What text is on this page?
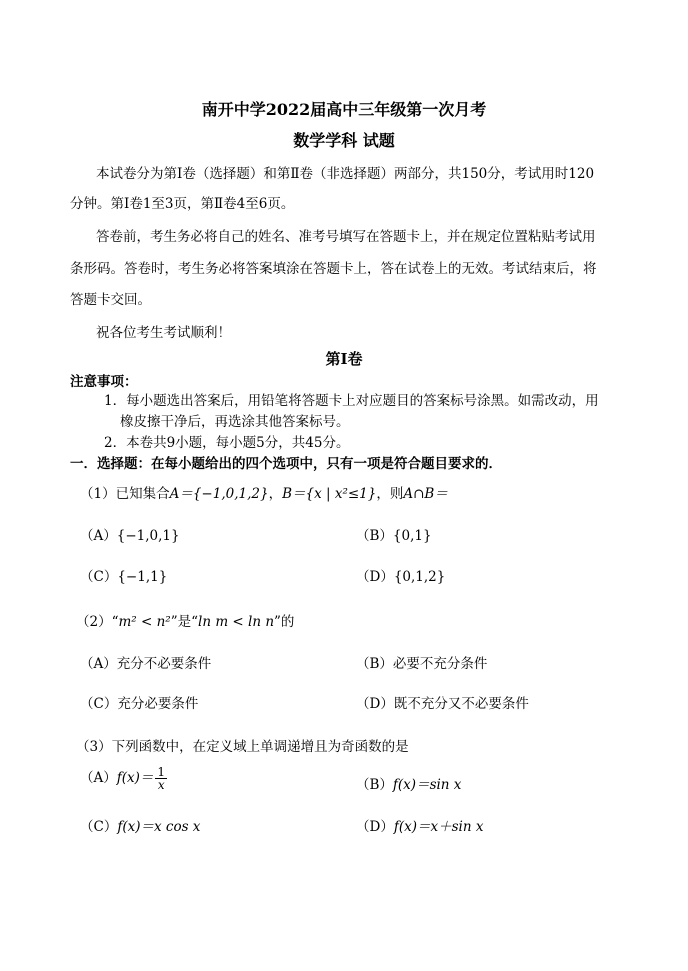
南开中学2022届高中三年级第一次月考
数学学科 试题
本试卷分为第Ⅰ卷（选择题）和第Ⅱ卷（非选择题）两部分，共150分，考试用时120
分钟。第Ⅰ卷1至3页，第Ⅱ卷4至6页。
答卷前，考生务必将自己的姓名、准考号填写在答题卡上，并在规定位置粘贴考试用
条形码。答卷时，考生务必将答案填涂在答题卡上，答在试卷上的无效。考试结束后，将
答题卡交回。
祝各位考生考试顺利！
第Ⅰ卷
注意事项：
1．每小题选出答案后，用铅笔将答题卡上对应题目的答案标号涂黑。如需改动，用
橡皮擦干净后，再选涂其他答案标号。
2．本卷共9小题，每小题5分，共45分。
一．选择题：在每小题给出的四个选项中，只有一项是符合题目要求的．
（1）已知集合A＝{−1,0,1,2}，B＝{x | x²≤1}，则A∩B＝
（A）{−1,0,1}	（B）{0,1}
（C）{−1,1}	（D）{0,1,2}
（2）“m² < n²”是“ln m < ln n”的
（A）充分不必要条件	（B）必要不充分条件
（C）充分必要条件	（D）既不充分又不必要条件
（3）下列函数中，在定义域上单调递增且为奇函数的是
$(A)f(x)= \frac{1}{x}$	（B）f(x)＝sin x
（C）f(x)＝x cos x	（D）f(x)＝x＋sin x
